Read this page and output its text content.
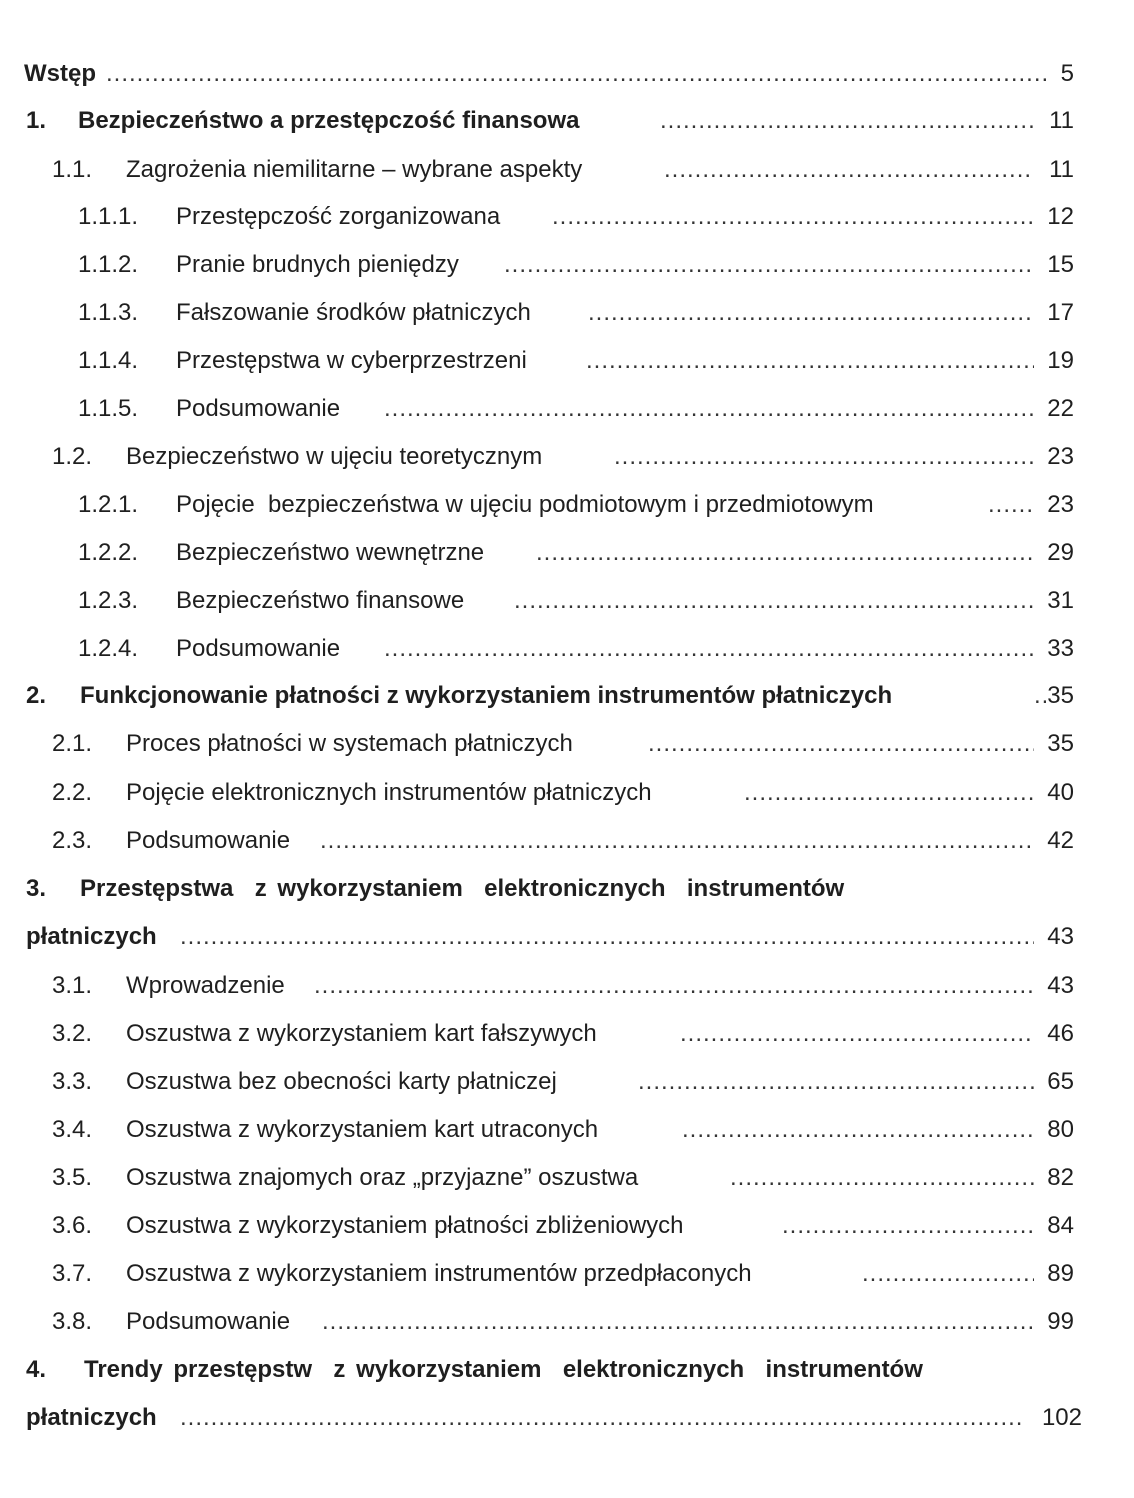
Wstęp .....	5
1. Bezpieczeństwo a przestępczość finansowa .....	11
1.1. Zagrożenia niemilitarne – wybrane aspekty .....	11
1.1.1. Przestępczość zorganizowana .....	12
1.1.2. Pranie brudnych pieniędzy .....	15
1.1.3. Fałszowanie środków płatniczych .....	17
1.1.4. Przestępstwa w cyberprzestrzeni .....	19
1.1.5. Podsumowanie .....	22
1.2. Bezpieczeństwo w ujęciu teoretycznym .....	23
1.2.1. Pojęcie  bezpieczeństwa w ujęciu podmiotowym i przedmiotowym .....	23
1.2.2. Bezpieczeństwo wewnętrzne .....	29
1.2.3. Bezpieczeństwo finansowe .....	31
1.2.4. Podsumowanie .....	33
2. Funkcjonowanie płatności z wykorzystaniem instrumentów płatniczych .....	35
2.1. Proces płatności w systemach płatniczych .....	35
2.2. Pojęcie elektronicznych instrumentów płatniczych .....	40
2.3. Podsumowanie .....	42
3. Przestępstwa  z wykorzystaniem  elektronicznych  instrumentów
płatniczych .....	43
3.1. Wprowadzenie .....	43
3.2. Oszustwa z wykorzystaniem kart fałszywych .....	46
3.3. Oszustwa bez obecności karty płatniczej .....	65
3.4. Oszustwa z wykorzystaniem kart utraconych .....	80
3.5. Oszustwa znajomych oraz „przyjazne” oszustwa .....	82
3.6. Oszustwa z wykorzystaniem płatności zbliżeniowych .....	84
3.7. Oszustwa z wykorzystaniem instrumentów przedpłaconych .....	89
3.8. Podsumowanie .....	99
4. Trendy przestępstw  z wykorzystaniem  elektronicznych  instrumentów
płatniczych .....	102
